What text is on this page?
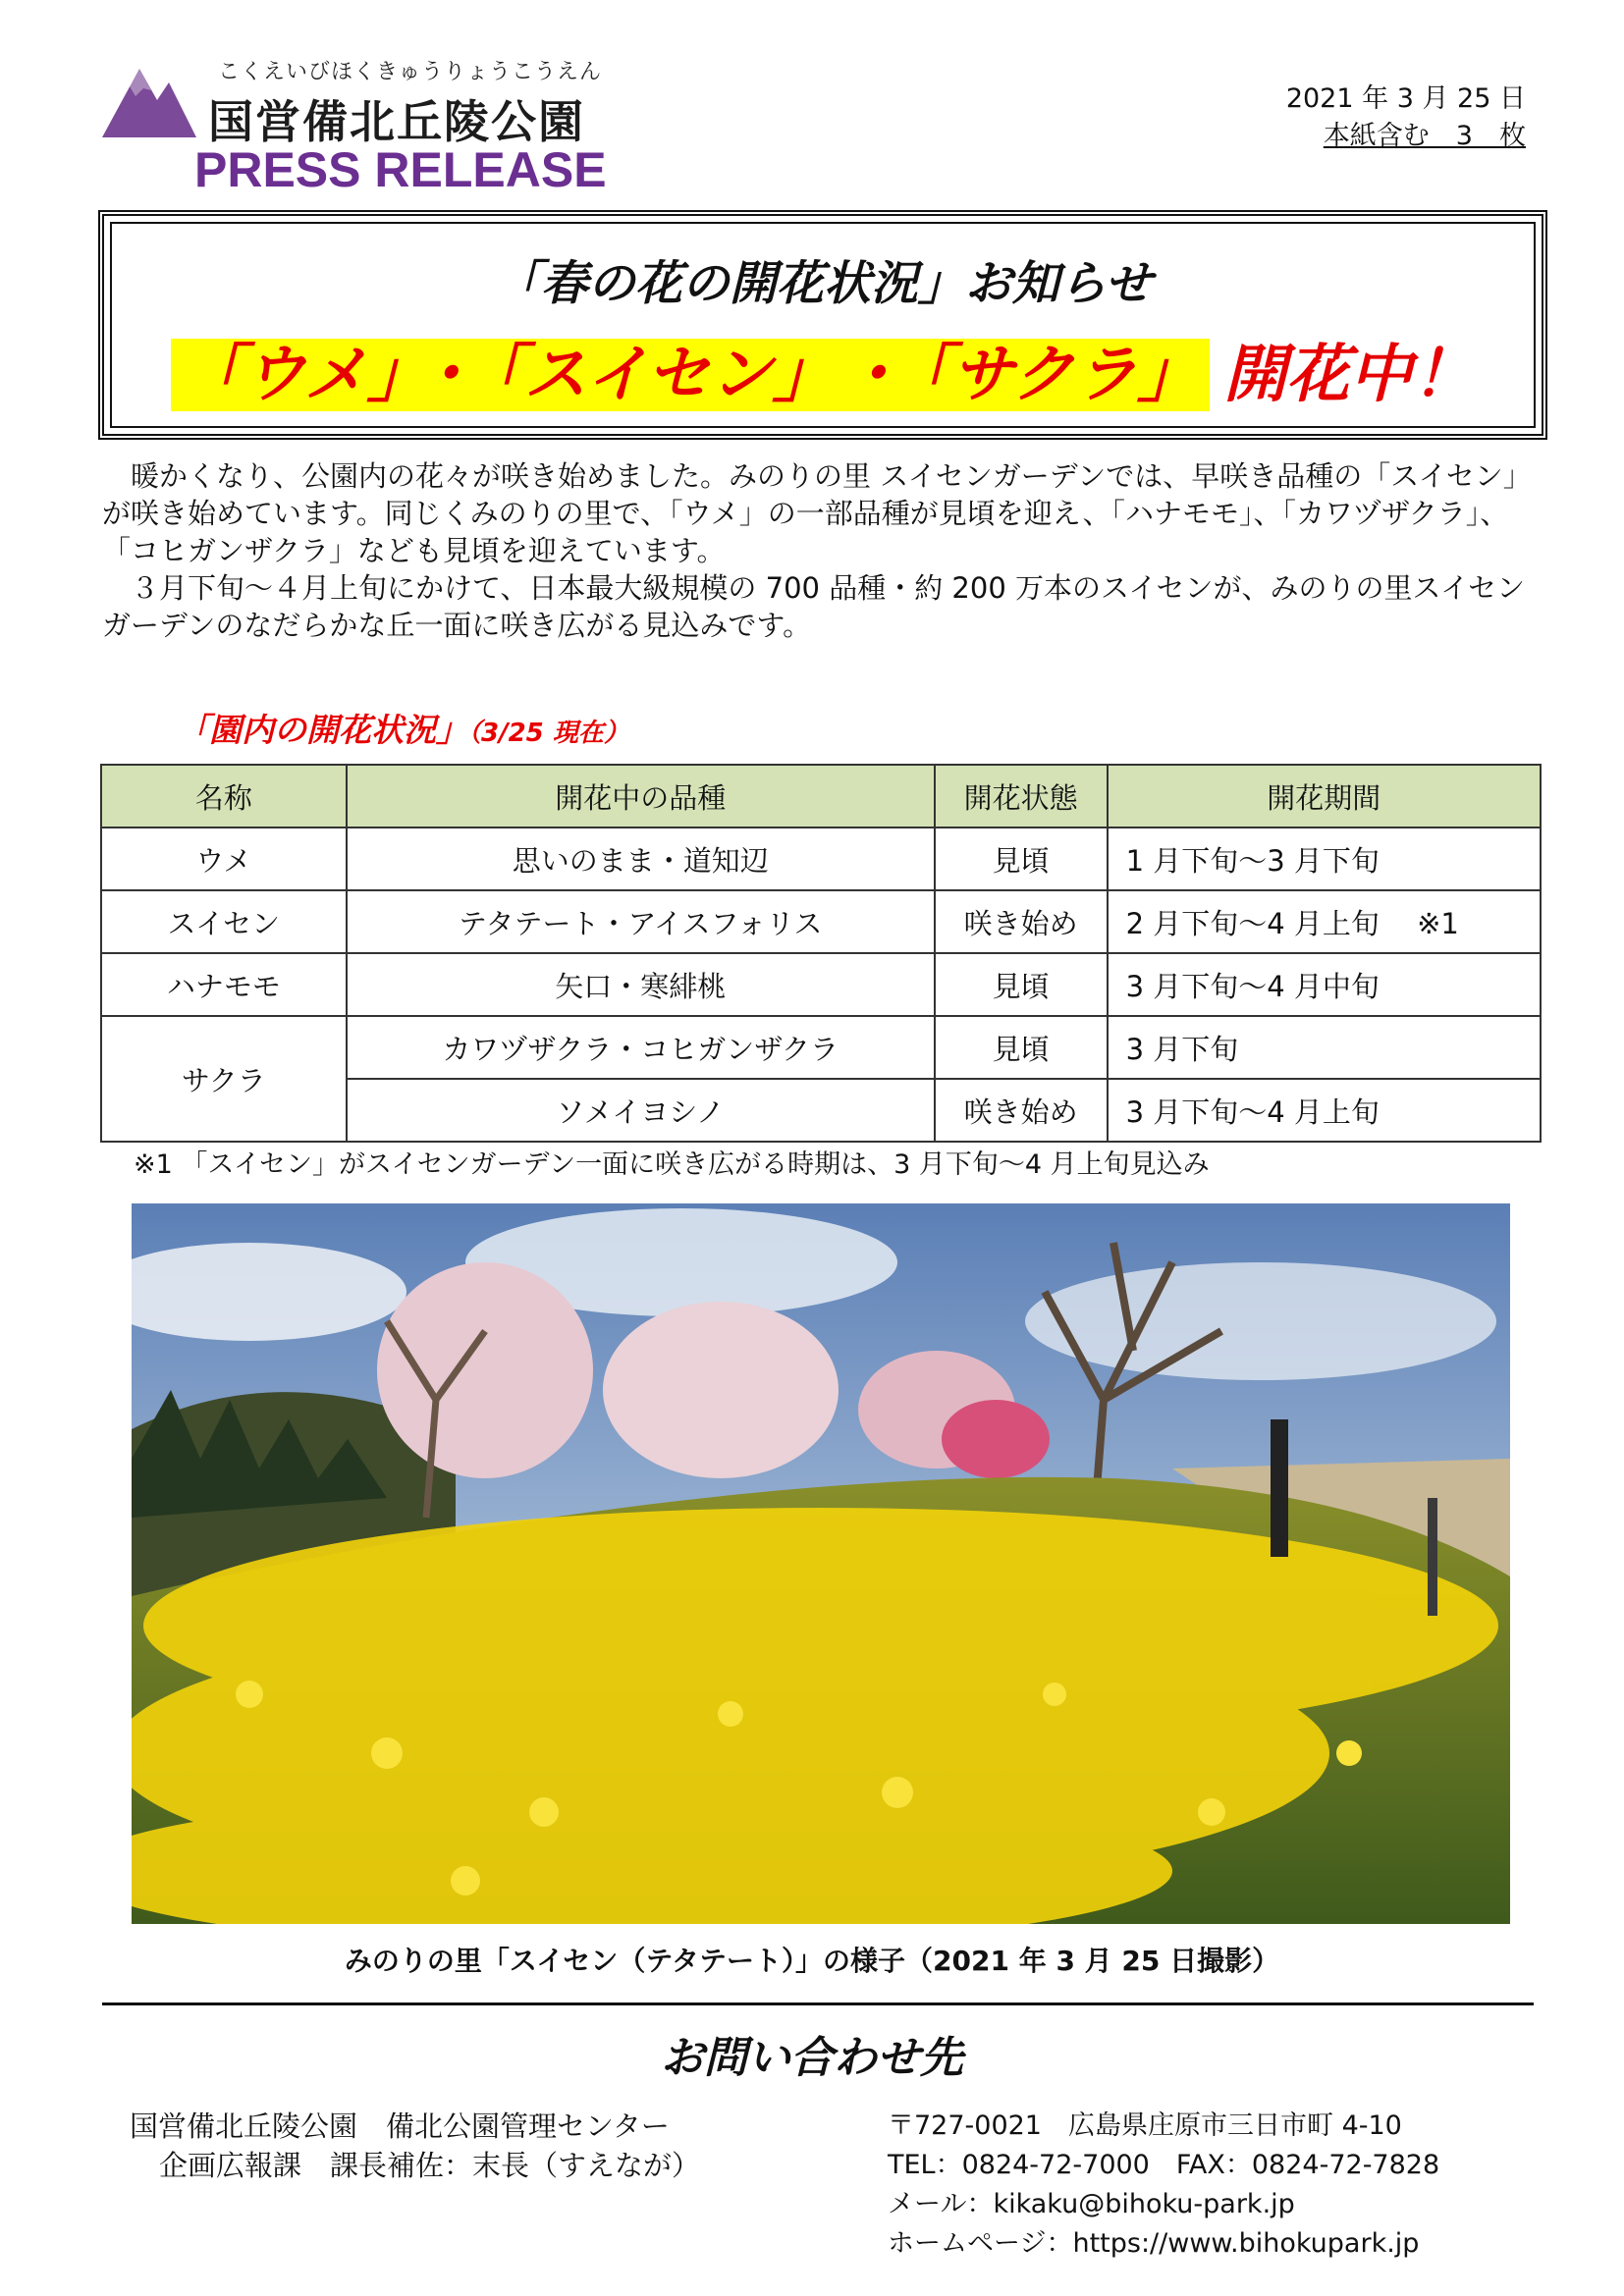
こくえいびほくきゅうりょうこうえん
国営備北丘陵公園
PRESS RELEASE
2021 年 3 月 25 日
本紙含む　3　枚
「春の花の開花状況」お知らせ
「ウメ」･「スイセン」 ･「サクラ」 開花中！

　暖かくなり、公園内の花々が咲き始めました。みのりの里 スイセンガーデンでは、早咲き品種の「スイセン」が咲き始めています。同じくみのりの里で、「ウメ」の一部品種が見頃を迎え、「ハナモモ」、「カワヅザクラ」、「コヒガンザクラ」なども見頃を迎えています。

　３月下旬～４月上旬にかけて、日本最大級規模の 700 品種・約 200 万本のスイセンが、みのりの里スイセンガーデンのなだらかな丘一面に咲き広がる見込みです。

「園内の開花状況」（3/25 現在）
名称	開花中の品種	開花状態	開花期間
ウメ	思いのまま・道知辺	見頃	1 月下旬～3 月下旬
スイセン	テタテート・アイスフォリス	咲き始め	2 月下旬～4 月上旬　 ※1
ハナモモ	矢口・寒緋桃	見頃	3 月下旬～4 月中旬
サクラ	カワヅザクラ・コヒガンザクラ	見頃	3 月下旬
	ソメイヨシノ	咲き始め	3 月下旬～4 月上旬
※1 「スイセン」がスイセンガーデン一面に咲き広がる時期は、3 月下旬～4 月上旬見込み
みのりの里「スイセン（テタテート）」の様子（2021 年 3 月 25 日撮影）
お問い合わせ先
国営備北丘陵公園　備北公園管理センター
企画広報課　課長補佐：末長（すえなが）
〒727-0021　広島県庄原市三日市町 4-10
TEL：0824-72-7000　FAX：0824-72-7828
メール：kikaku@bihoku-park.jp
ホームページ：https://www.bihokupark.jp
